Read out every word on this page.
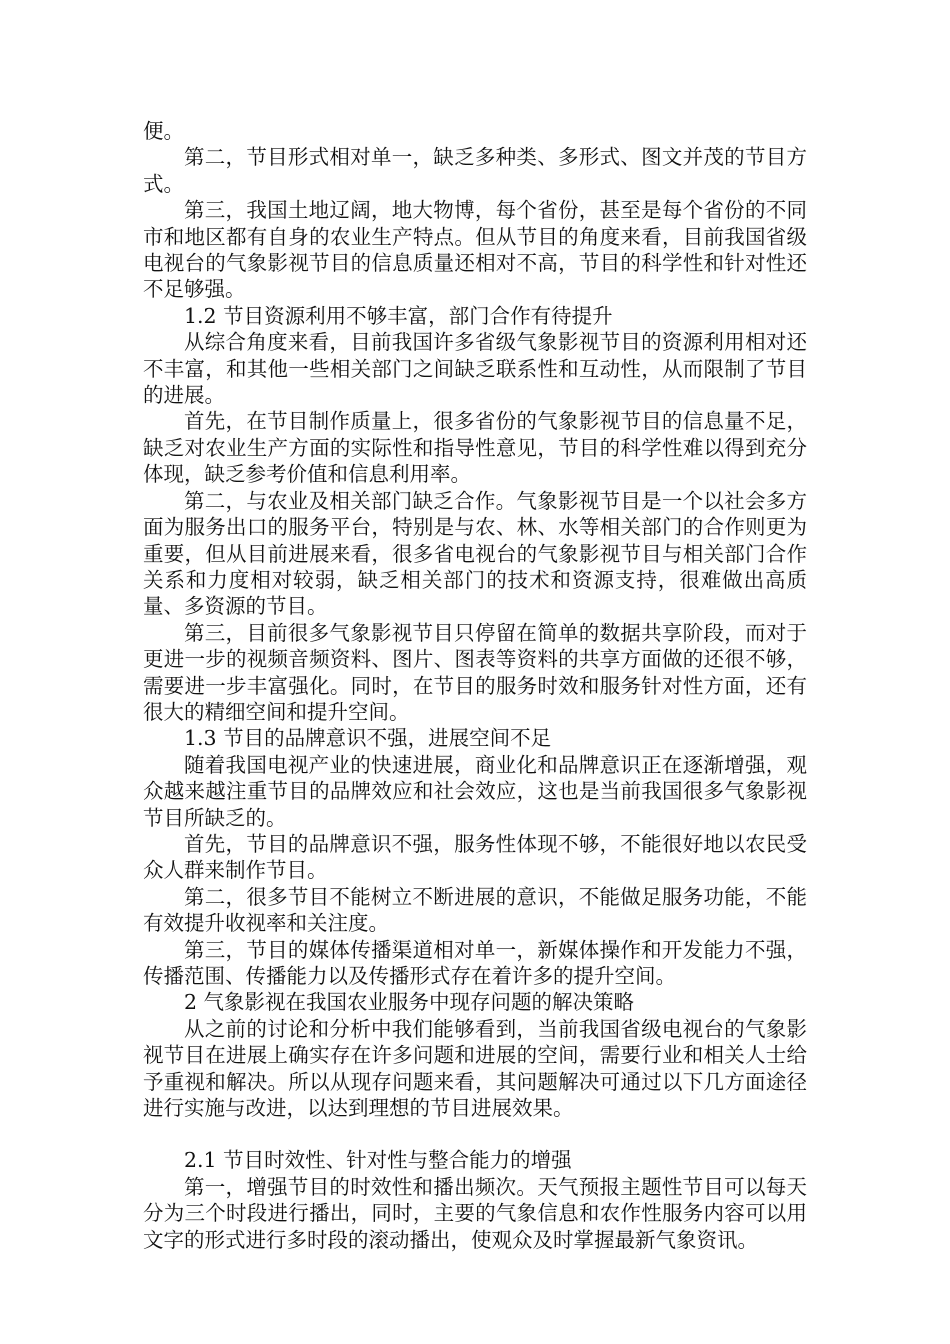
便。

第二，节目形式相对单一，缺乏多种类、多形式、图文并茂的节目方式。

第三，我国土地辽阔，地大物博，每个省份，甚至是每个省份的不同市和地区都有自身的农业生产特点。但从节目的角度来看，目前我国省级电视台的气象影视节目的信息质量还相对不高，节目的科学性和针对性还不足够强。

1.2 节目资源利用不够丰富，部门合作有待提升

从综合角度来看，目前我国许多省级气象影视节目的资源利用相对还不丰富，和其他一些相关部门之间缺乏联系性和互动性，从而限制了节目的进展。

首先，在节目制作质量上，很多省份的气象影视节目的信息量不足，缺乏对农业生产方面的实际性和指导性意见，节目的科学性难以得到充分体现，缺乏参考价值和信息利用率。

第二，与农业及相关部门缺乏合作。气象影视节目是一个以社会多方面为服务出口的服务平台，特别是与农、林、水等相关部门的合作则更为重要，但从目前进展来看，很多省电视台的气象影视节目与相关部门合作关系和力度相对较弱，缺乏相关部门的技术和资源支持，很难做出高质量、多资源的节目。

第三，目前很多气象影视节目只停留在简单的数据共享阶段，而对于更进一步的视频音频资料、图片、图表等资料的共享方面做的还很不够，需要进一步丰富强化。同时，在节目的服务时效和服务针对性方面，还有很大的精细空间和提升空间。

1.3 节目的品牌意识不强，进展空间不足

随着我国电视产业的快速进展，商业化和品牌意识正在逐渐增强，观众越来越注重节目的品牌效应和社会效应，这也是当前我国很多气象影视节目所缺乏的。

首先，节目的品牌意识不强，服务性体现不够，不能很好地以农民受众人群来制作节目。

第二，很多节目不能树立不断进展的意识，不能做足服务功能，不能有效提升收视率和关注度。

第三，节目的媒体传播渠道相对单一，新媒体操作和开发能力不强，传播范围、传播能力以及传播形式存在着许多的提升空间。

2 气象影视在我国农业服务中现存问题的解决策略

从之前的讨论和分析中我们能够看到，当前我国省级电视台的气象影视节目在进展上确实存在许多问题和进展的空间，需要行业和相关人士给予重视和解决。所以从现存问题来看，其问题解决可通过以下几方面途径进行实施与改进，以达到理想的节目进展效果。

2.1 节目时效性、针对性与整合能力的增强

第一，增强节目的时效性和播出频次。天气预报主题性节目可以每天分为三个时段进行播出，同时，主要的气象信息和农作性服务内容可以用文字的形式进行多时段的滚动播出，使观众及时掌握最新气象资讯。
